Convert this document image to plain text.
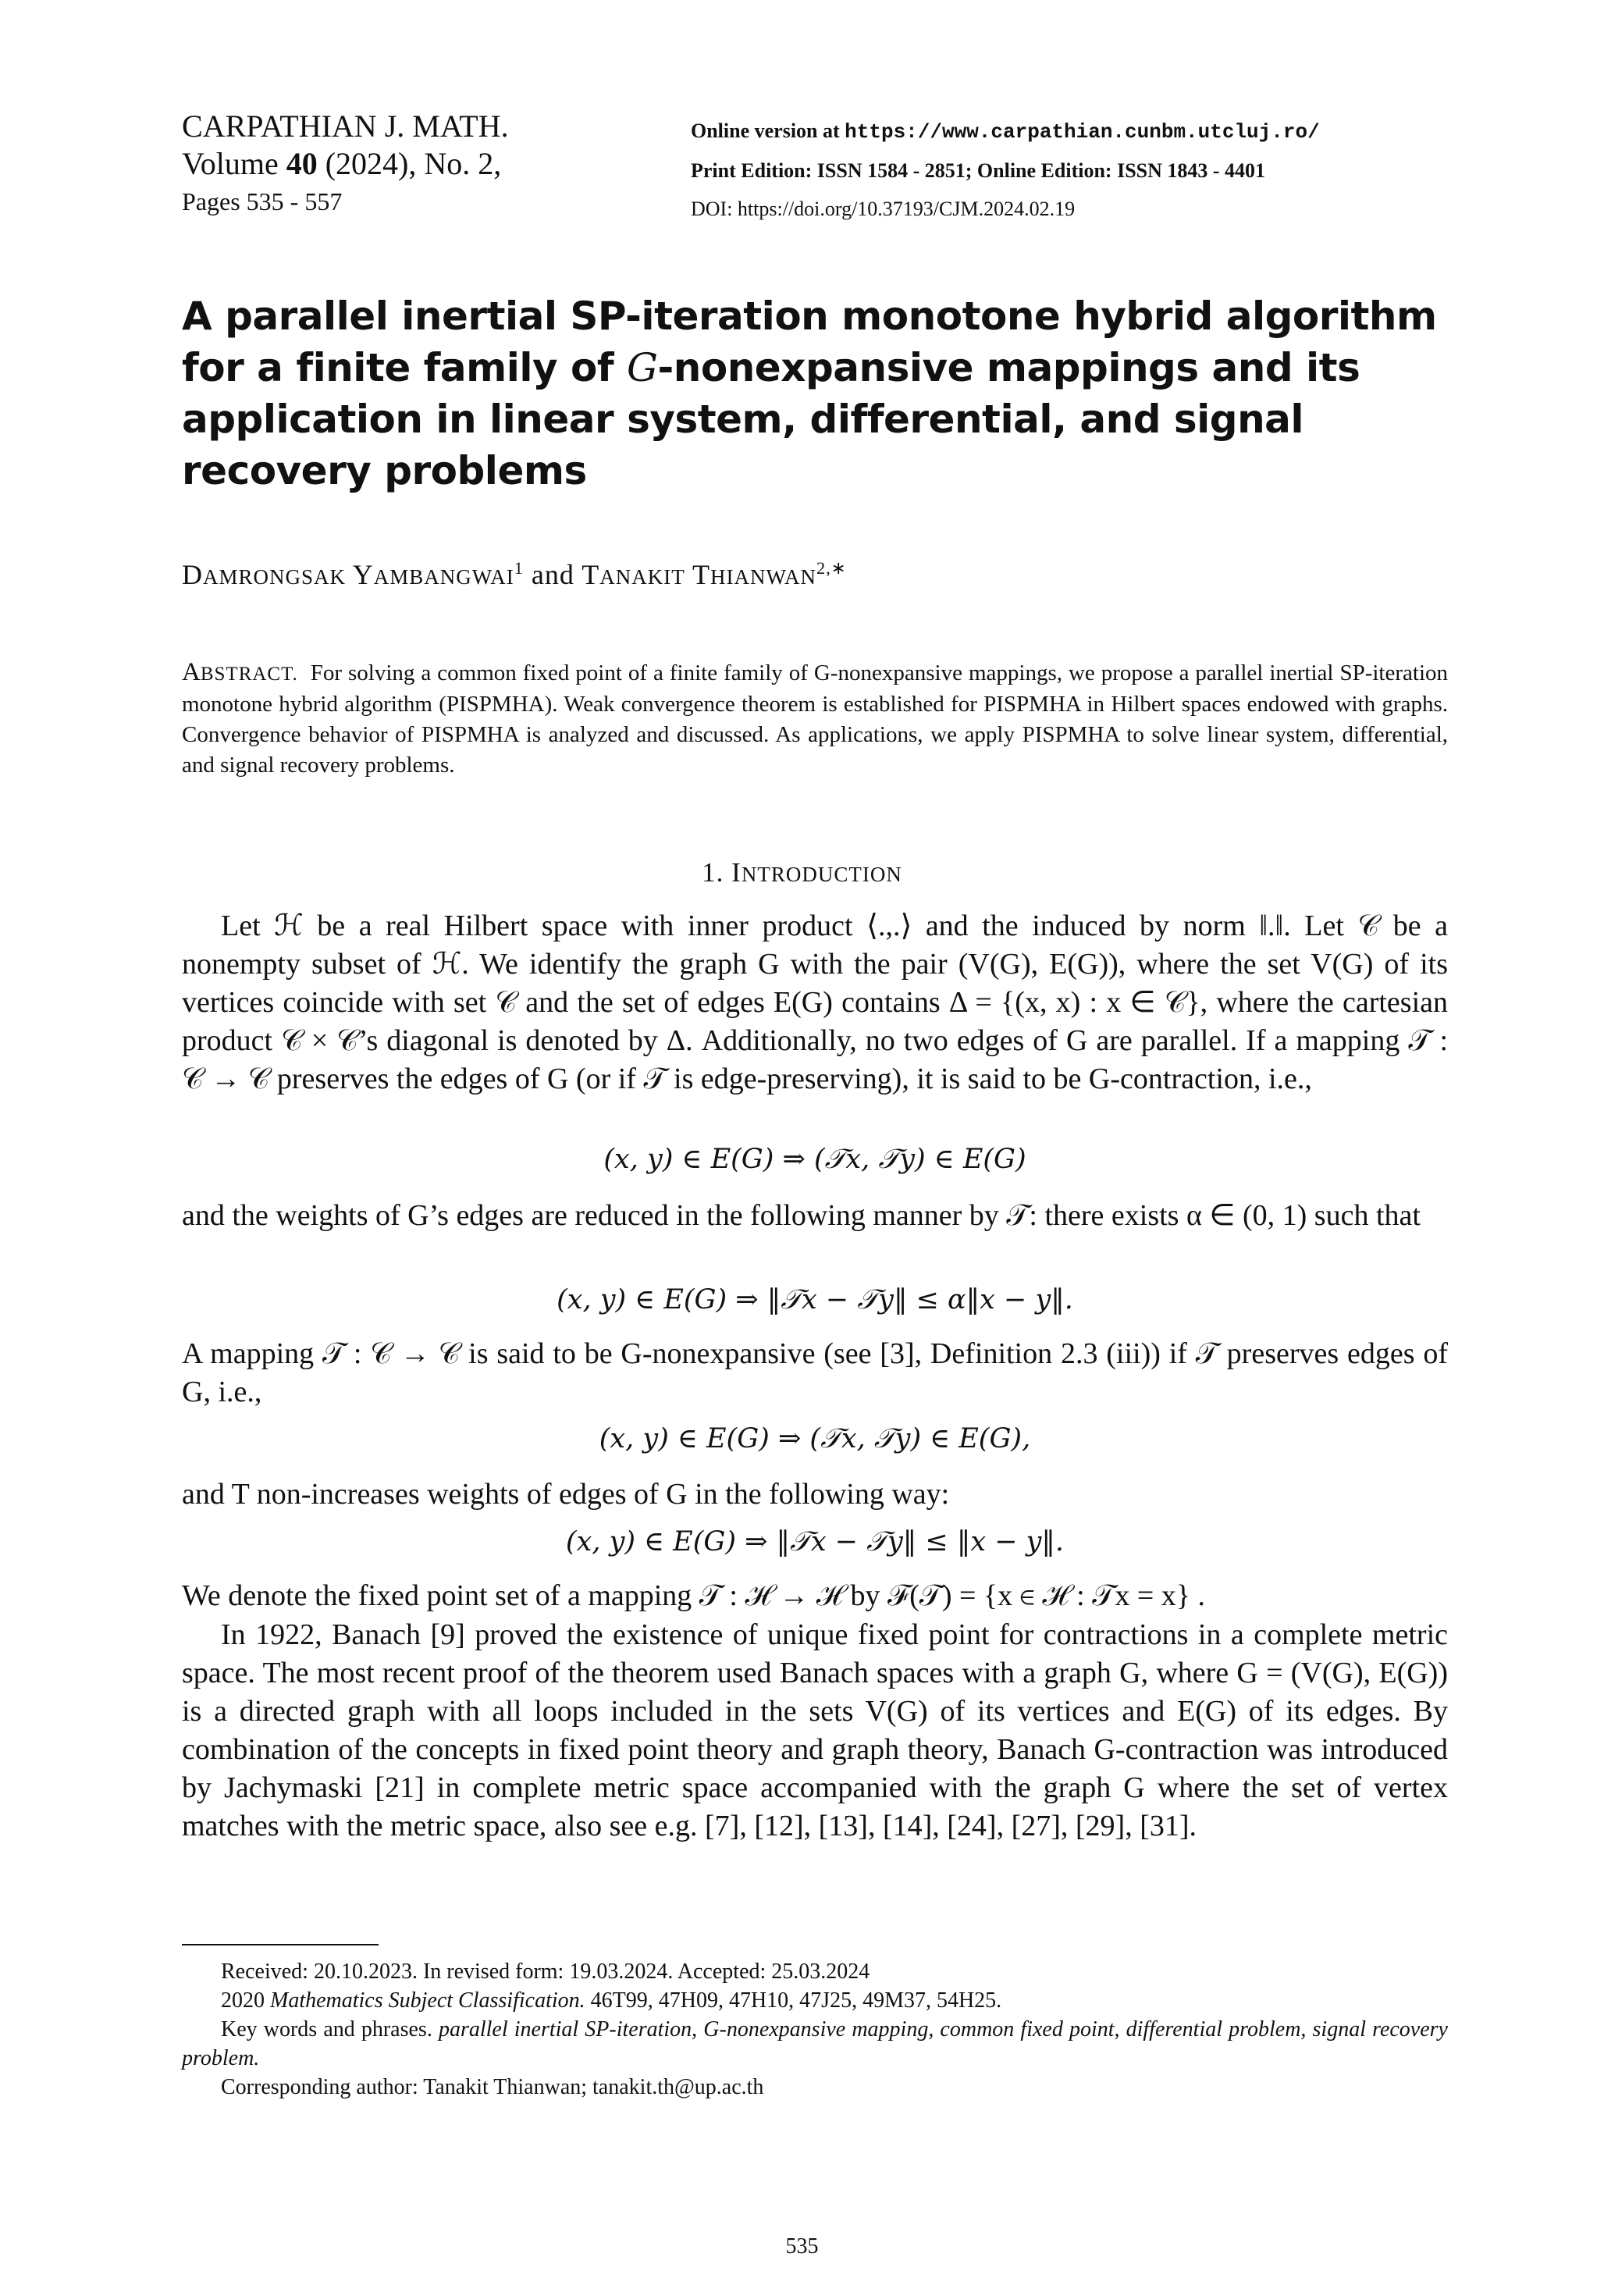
CARPATHIAN J. MATH.
Volume 40 (2024), No. 2,
Pages 535 - 557
Online version at https://www.carpathian.cunbm.utcluj.ro/
Print Edition: ISSN 1584 - 2851; Online Edition: ISSN 1843 - 4401
DOI: https://doi.org/10.37193/CJM.2024.02.19
A parallel inertial SP-iteration monotone hybrid algorithm for a finite family of G-nonexpansive mappings and its application in linear system, differential, and signal recovery problems
DAMRONGSAK YAMBANGWAI$^1$ and TANAKIT $THIANWAN^{2,∗}$
ABSTRACT. For solving a common fixed point of a finite family of G-nonexpansive mappings, we propose a parallel inertial SP-iteration monotone hybrid algorithm (PISPMHA). Weak convergence theorem is established for PISPMHA in Hilbert spaces endowed with graphs. Convergence behavior of PISPMHA is analyzed and discussed. As applications, we apply PISPMHA to solve linear system, differential, and signal recovery problems.
1. INTRODUCTION
Let ℋ be a real Hilbert space with inner product ⟨.,.⟩ and the induced by norm ‖.‖. Let 𝒞 be a nonempty subset of ℋ. We identify the graph G with the pair (V(G), E(G)), where the set V(G) of its vertices coincide with set 𝒞 and the set of edges E(G) contains Δ = {(x, x) : x ∈ 𝒞}, where the cartesian product 𝒞 × 𝒞’s diagonal is denoted by Δ. Additionally, no two edges of G are parallel. If a mapping 𝒯 : 𝒞 → 𝒞 preserves the edges of G (or if 𝒯 is edge-preserving), it is said to be G-contraction, i.e.,
(x, y) ∈ E(G) ⇒ (𝒯x, 𝒯y) ∈ E(G)
and the weights of G’s edges are reduced in the following manner by 𝒯: there exists α ∈ (0, 1) such that
(x, y) ∈ E(G) ⇒ ‖𝒯x − 𝒯y‖ ≤ α‖x − y‖.
A mapping 𝒯 : 𝒞 → 𝒞 is said to be G-nonexpansive (see [3], Definition 2.3 (iii)) if 𝒯 preserves edges of G, i.e.,
(x, y) ∈ E(G) ⇒ (𝒯x, 𝒯y) ∈ E(G),
and T non-increases weights of edges of G in the following way:
(x, y) ∈ E(G) ⇒ ‖𝒯x − 𝒯y‖ ≤ ‖x − y‖.
We denote the fixed point set of a mapping 𝒯 : ℋ → ℋ by ℱ(𝒯) = {x ∈ ℋ : 𝒯x = x} .
In 1922, Banach [9] proved the existence of unique fixed point for contractions in a complete metric space. The most recent proof of the theorem used Banach spaces with a graph G, where G = (V(G), E(G)) is a directed graph with all loops included in the sets V(G) of its vertices and E(G) of its edges. By combination of the concepts in fixed point theory and graph theory, Banach G-contraction was introduced by Jachymaski [21] in complete metric space accompanied with the graph G where the set of vertex matches with the metric space, also see e.g. [7], [12], [13], [14], [24], [27], [29], [31].
Received: 20.10.2023. In revised form: 19.03.2024. Accepted: 25.03.2024
2020 Mathematics Subject Classification. 46T99, 47H09, 47H10, 47J25, 49M37, 54H25.
Key words and phrases. parallel inertial SP-iteration, G-nonexpansive mapping, common fixed point, differential problem, signal recovery problem.
Corresponding author: Tanakit Thianwan; tanakit.th@up.ac.th
535
